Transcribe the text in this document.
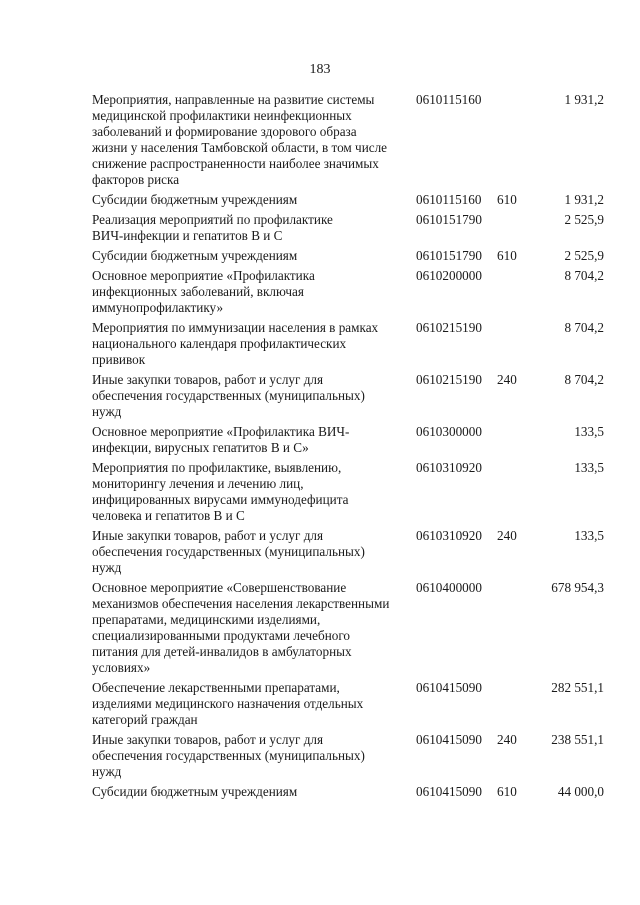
183
Мероприятия, направленные на развитие системы
медицинской профилактики неинфекционных
заболеваний и формирование здорового образа
жизни у населения Тамбовской области, в том числе
снижение распространенности наиболее значимых
факторов риска
0610115160	1 931,2
Субсидии бюджетным учреждениям	0610115160 610	1 931,2
Реализация мероприятий по профилактике
ВИЧ-инфекции и гепатитов В и С
0610151790	2 525,9
Субсидии бюджетным учреждениям	0610151790 610	2 525,9
Основное мероприятие «Профилактика
инфекционных заболеваний, включая
иммунопрофилактику»
0610200000	8 704,2
Мероприятия по иммунизации населения в рамках
национального календаря профилактических
прививок
0610215190	8 704,2
Иные закупки товаров, работ и услуг для
обеспечения государственных (муниципальных)
нужд
0610215190 240	8 704,2
Основное мероприятие «Профилактика ВИЧ-
инфекции, вирусных гепатитов В и С»
0610300000	133,5
Мероприятия по профилактике, выявлению,
мониторингу лечения и лечению лиц,
инфицированных вирусами иммунодефицита
человека и гепатитов В и С
0610310920	133,5
Иные закупки товаров, работ и услуг для
обеспечения государственных (муниципальных)
нужд
0610310920 240	133,5
Основное мероприятие «Совершенствование
механизмов обеспечения населения лекарственными
препаратами, медицинскими изделиями,
специализированными продуктами лечебного
питания для детей-инвалидов в амбулаторных
условиях»
0610400000	678 954,3
Обеспечение лекарственными препаратами,
изделиями медицинского назначения отдельных
категорий граждан
0610415090	282 551,1
Иные закупки товаров, работ и услуг для
обеспечения государственных (муниципальных)
нужд
0610415090 240	238 551,1
Субсидии бюджетным учреждениям	0610415090 610	44 000,0
